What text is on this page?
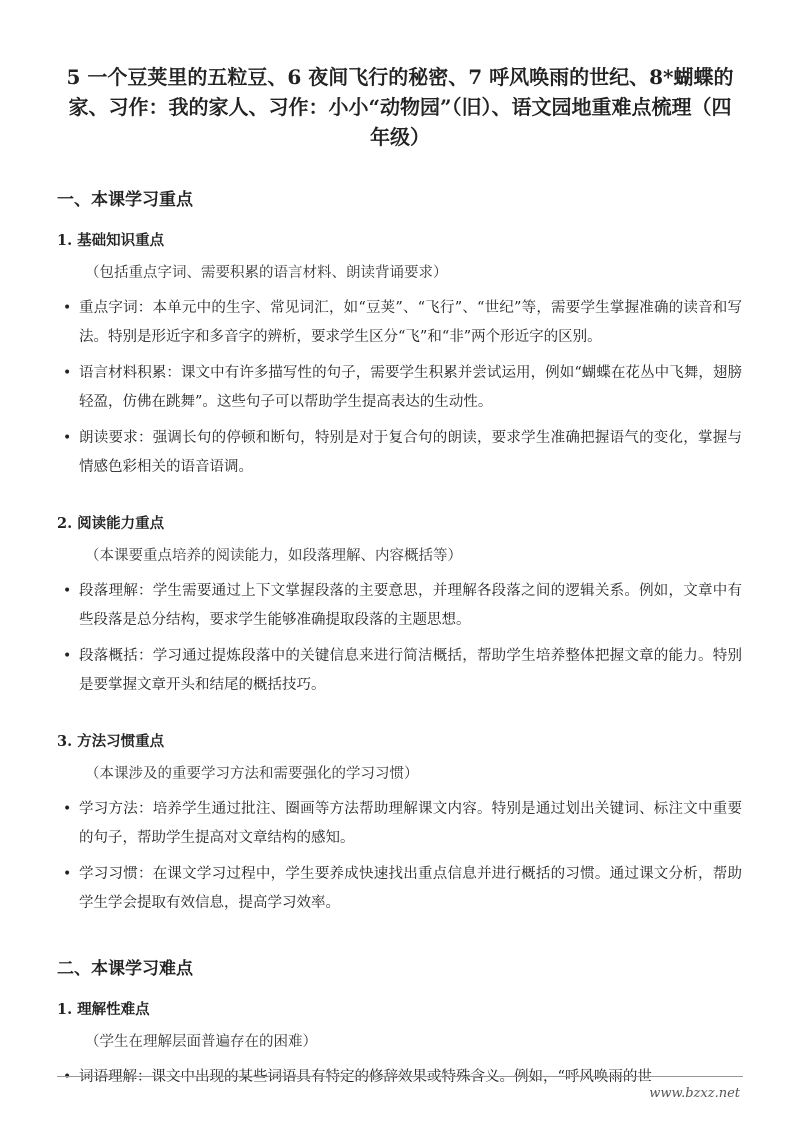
bzxz.net
5 一个豆荚里的五粒豆、6 夜间飞行的秘密、7 呼风唤雨的世纪、8*蝴蝶的家、习作：我的家人、习作：小小“动物园”（旧）、语文园地重难点梳理（四年级）
一、本课学习重点
1. 基础知识重点
（包括重点字词、需要积累的语言材料、朗读背诵要求）
• 重点字词：本单元中的生字、常见词汇，如“豆荚”、“飞行”、“世纪”等，需要学生掌握准确的读音和写法。特别是形近字和多音字的辨析，要求学生区分“飞”和“非”两个形近字的区别。
• 语言材料积累：课文中有许多描写性的句子，需要学生积累并尝试运用，例如“蝴蝶在花丛中飞舞，翅膀轻盈，仿佛在跳舞”。这些句子可以帮助学生提高表达的生动性。
• 朗读要求：强调长句的停顿和断句，特别是对于复合句的朗读，要求学生准确把握语气的变化，掌握与情感色彩相关的语音语调。
2. 阅读能力重点
（本课要重点培养的阅读能力，如段落理解、内容概括等）
• 段落理解：学生需要通过上下文掌握段落的主要意思，并理解各段落之间的逻辑关系。例如，文章中有些段落是总分结构，要求学生能够准确提取段落的主题思想。
• 段落概括：学习通过提炼段落中的关键信息来进行简洁概括，帮助学生培养整体把握文章的能力。特别是要掌握文章开头和结尾的概括技巧。
3. 方法习惯重点
（本课涉及的重要学习方法和需要强化的学习习惯）
• 学习方法：培养学生通过批注、圈画等方法帮助理解课文内容。特别是通过划出关键词、标注文中重要的句子，帮助学生提高对文章结构的感知。
• 学习习惯：在课文学习过程中，学生要养成快速找出重点信息并进行概括的习惯。通过课文分析，帮助学生学会提取有效信息，提高学习效率。
二、本课学习难点
1. 理解性难点
（学生在理解层面普遍存在的困难）
• 词语理解：课文中出现的某些词语具有特定的修辞效果或特殊含义。例如，“呼风唤雨的世
www.bzxz.net
